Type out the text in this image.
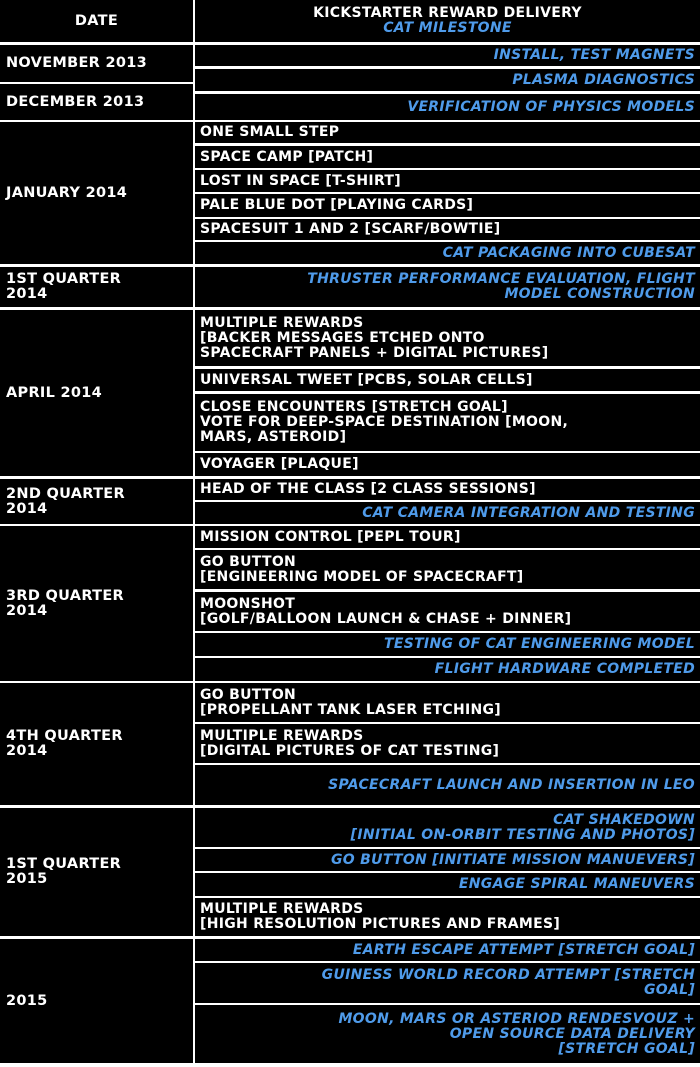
DATE	KICKSTARTER REWARD DELIVERY
CAT MILESTONE
NOVEMBER 2013
DECEMBER 2013
JANUARY 2014
1ST QUARTER
2014
APRIL 2014
2ND QUARTER
2014
3RD QUARTER
2014
4TH QUARTER
2014
1ST QUARTER
2015
2015
INSTALL, TEST MAGNETS
PLASMA DIAGNOSTICS
VERIFICATION OF PHYSICS MODELS
ONE SMALL STEP
SPACE CAMP [PATCH]
LOST IN SPACE [T-SHIRT]
PALE BLUE DOT [PLAYING CARDS]
SPACESUIT 1 AND 2 [SCARF/BOWTIE]
CAT PACKAGING INTO CUBESAT
THRUSTER PERFORMANCE EVALUATION, FLIGHT
MODEL CONSTRUCTION
MULTIPLE REWARDS
[BACKER MESSAGES ETCHED ONTO
SPACECRAFT PANELS + DIGITAL PICTURES]
UNIVERSAL TWEET [PCBS, SOLAR CELLS]
CLOSE ENCOUNTERS [STRETCH GOAL]
VOTE FOR DEEP-SPACE DESTINATION [MOON,
MARS, ASTEROID]
VOYAGER [PLAQUE]
HEAD OF THE CLASS [2 CLASS SESSIONS]
CAT CAMERA INTEGRATION AND TESTING
MISSION CONTROL [PEPL TOUR]
GO BUTTON
[ENGINEERING MODEL OF SPACECRAFT]
MOONSHOT
[GOLF/BALLOON LAUNCH & CHASE + DINNER]
TESTING OF CAT ENGINEERING MODEL
FLIGHT HARDWARE COMPLETED
GO BUTTON
[PROPELLANT TANK LASER ETCHING]
MULTIPLE REWARDS
[DIGITAL PICTURES OF CAT TESTING]
SPACECRAFT LAUNCH AND INSERTION IN LEO
CAT SHAKEDOWN
[INITIAL ON-ORBIT TESTING AND PHOTOS]
GO BUTTON [INITIATE MISSION MANUEVERS]
ENGAGE SPIRAL MANEUVERS
MULTIPLE REWARDS
[HIGH RESOLUTION PICTURES AND FRAMES]
EARTH ESCAPE ATTEMPT [STRETCH GOAL]
GUINESS WORLD RECORD ATTEMPT [STRETCH
GOAL]
MOON, MARS OR ASTERIOD RENDESVOUZ +
OPEN SOURCE DATA DELIVERY
[STRETCH GOAL]
